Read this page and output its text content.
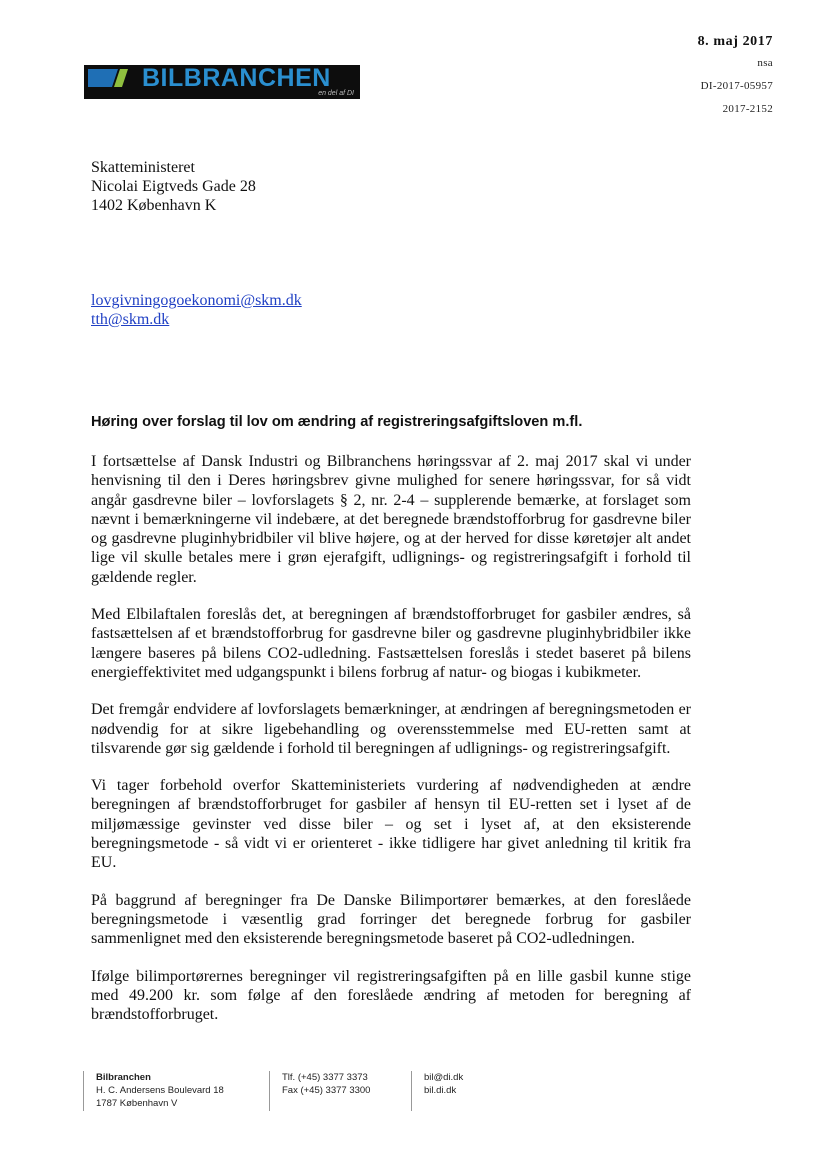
BILBRANCHEN
en del af DI
8. maj 2017
nsa
DI-2017-05957
2017-2152
Skatteministeret
Nicolai Eigtveds Gade 28
1402 København K
lovgivningogoekonomi@skm.dk
tth@skm.dk
Høring over forslag til lov om ændring af registreringsafgiftsloven m.fl.

I fortsættelse af Dansk Industri og Bilbranchens høringssvar af 2. maj 2017 skal vi under henvisning til den i Deres høringsbrev givne mulighed for senere høringssvar, for så vidt angår gasdrevne biler – lovforslagets § 2, nr. 2-4 – supplerende bemærke, at forslaget som nævnt i bemærkningerne vil indebære, at det beregnede brændstofforbrug for gasdrevne biler og gasdrevne pluginhybridbiler vil blive højere, og at der herved for disse køretøjer alt andet lige vil skulle betales mere i grøn ejerafgift, udlignings- og registreringsafgift i forhold til gældende regler.

Med Elbilaftalen foreslås det, at beregningen af brændstofforbruget for gasbiler ændres, så fastsættelsen af et brændstofforbrug for gasdrevne biler og gasdrevne pluginhybridbiler ikke længere baseres på bilens CO2-udledning. Fastsættelsen foreslås i stedet baseret på bilens energieffektivitet med udgangspunkt i bilens forbrug af natur- og biogas i kubikmeter.

Det fremgår endvidere af lovforslagets bemærkninger, at ændringen af beregningsmetoden er nødvendig for at sikre ligebehandling og overensstemmelse med EU-retten samt at tilsvarende gør sig gældende i forhold til beregningen af udlignings- og registreringsafgift.

Vi tager forbehold overfor Skatteministeriets vurdering af nødvendigheden at ændre beregningen af brændstofforbruget for gasbiler af hensyn til EU-retten set i lyset af de miljømæssige gevinster ved disse biler – og set i lyset af, at den eksisterende beregningsmetode - så vidt vi er orienteret - ikke tidligere har givet anledning til kritik fra EU.

På baggrund af beregninger fra De Danske Bilimportører bemærkes, at den foreslåede beregningsmetode i væsentlig grad forringer det beregnede forbrug for gasbiler sammenlignet med den eksisterende beregningsmetode baseret på CO2-udledningen.

Ifølge bilimportørernes beregninger vil registreringsafgiften på en lille gasbil kunne stige med 49.200 kr. som følge af den foreslåede ændring af metoden for beregning af brændstofforbruget.

Bilbranchen
H. C. Andersens Boulevard 18
1787 København V
Tlf. (+45) 3377 3373
Fax (+45) 3377 3300
bil@di.dk
bil.di.dk
